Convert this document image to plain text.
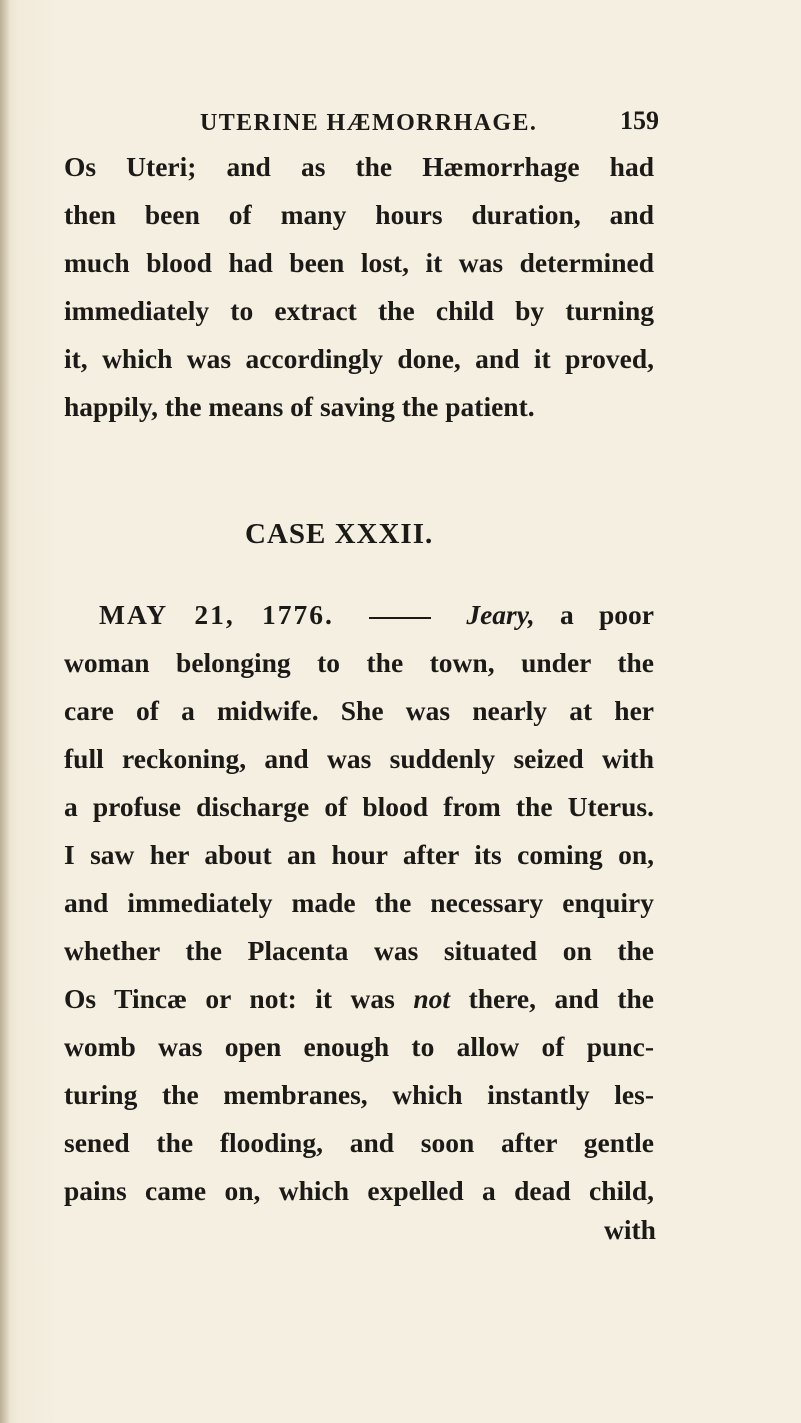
UTERINE HÆMORRHAGE.	159
Os Uteri; and as the Hæmorrhage had
then been of many hours duration, and
much blood had been lost, it was determined
immediately to extract the child by turning
it, which was accordingly done, and it proved,
happily, the means of saving the patient.
CASE XXXII.
MAY 21, 1776.	Jeary, a poor
woman belonging to the town, under the
care of a midwife. She was nearly at her
full reckoning, and was suddenly seized with
a profuse discharge of blood from the Uterus.
I saw her about an hour after its coming on,
and immediately made the necessary enquiry
whether the Placenta was situated on the
Os Tincæ or not: it was not there, and the
womb was open enough to allow of punc-
turing the membranes, which instantly les-
sened the flooding, and soon after gentle
pains came on, which expelled a dead child,
with
